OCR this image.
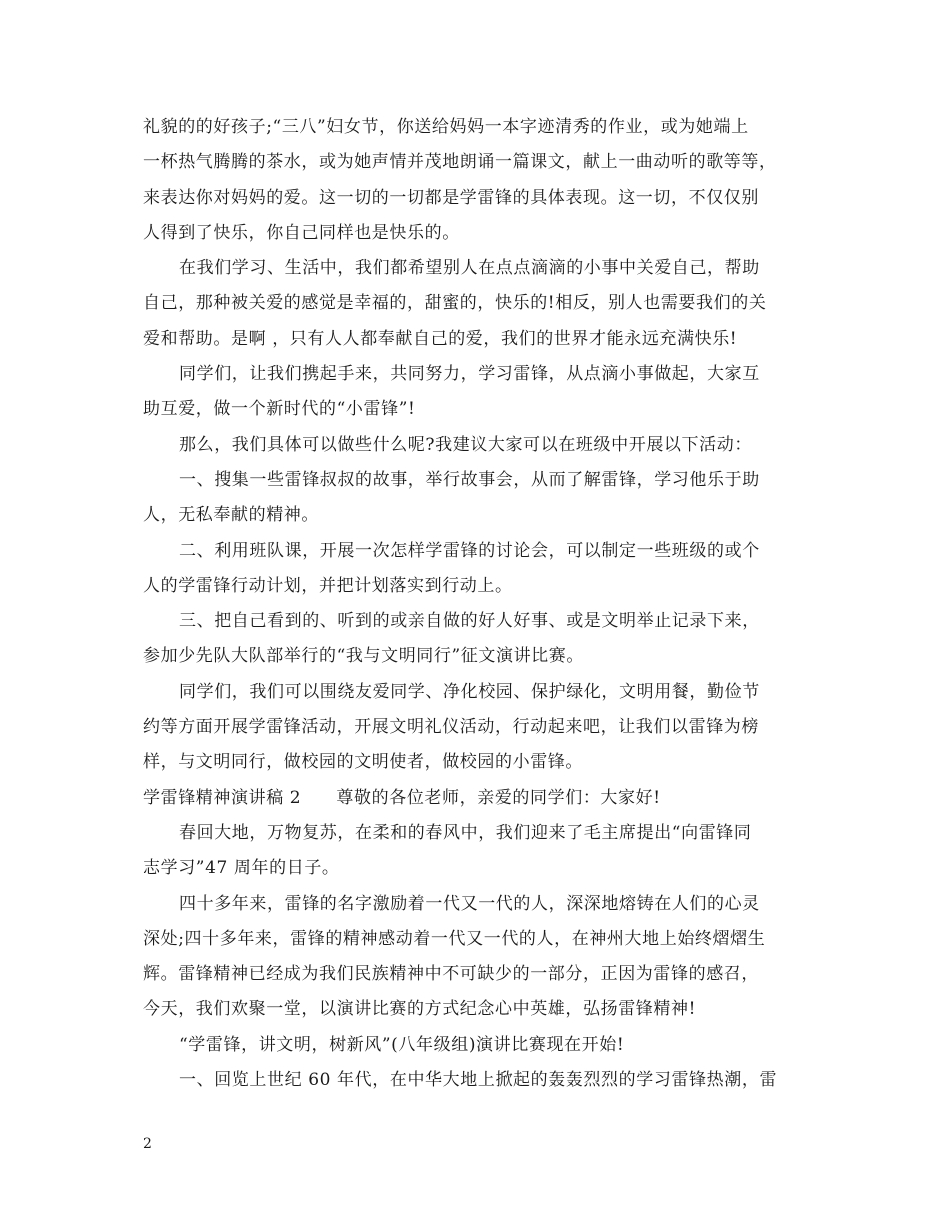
礼貌的的好孩子;“三八”妇女节，你送给妈妈一本字迹清秀的作业，或为她端上
一杯热气腾腾的茶水，或为她声情并茂地朗诵一篇课文，献上一曲动听的歌等等，
来表达你对妈妈的爱。这一切的一切都是学雷锋的具体表现。这一切，不仅仅别
人得到了快乐，你自己同样也是快乐的。
在我们学习、生活中，我们都希望别人在点点滴滴的小事中关爱自己，帮助
自己，那种被关爱的感觉是幸福的，甜蜜的，快乐的!相反，别人也需要我们的关
爱和帮助。是啊 ，只有人人都奉献自己的爱，我们的世界才能永远充满快乐!
同学们，让我们携起手来，共同努力，学习雷锋，从点滴小事做起，大家互
助互爱，做一个新时代的“小雷锋”!
那么，我们具体可以做些什么呢?我建议大家可以在班级中开展以下活动：
一、搜集一些雷锋叔叔的故事，举行故事会，从而了解雷锋，学习他乐于助
人，无私奉献的精神。
二、利用班队课，开展一次怎样学雷锋的讨论会，可以制定一些班级的或个
人的学雷锋行动计划，并把计划落实到行动上。
三、把自己看到的、听到的或亲自做的好人好事、或是文明举止记录下来，
参加少先队大队部举行的“我与文明同行”征文演讲比赛。
同学们，我们可以围绕友爱同学、净化校园、保护绿化，文明用餐，勤俭节
约等方面开展学雷锋活动，开展文明礼仪活动，行动起来吧，让我们以雷锋为榜
样，与文明同行，做校园的文明使者，做校园的小雷锋。
学雷锋精神演讲稿 2　　尊敬的各位老师，亲爱的同学们：大家好!
春回大地，万物复苏，在柔和的春风中，我们迎来了毛主席提出“向雷锋同
志学习”47 周年的日子。
四十多年来，雷锋的名字激励着一代又一代的人，深深地熔铸在人们的心灵
深处;四十多年来，雷锋的精神感动着一代又一代的人，在神州大地上始终熠熠生
辉。雷锋精神已经成为我们民族精神中不可缺少的一部分，正因为雷锋的感召，
今天，我们欢聚一堂，以演讲比赛的方式纪念心中英雄，弘扬雷锋精神!
“学雷锋，讲文明，树新风”(八年级组)演讲比赛现在开始!
一、回览上世纪 60 年代，在中华大地上掀起的轰轰烈烈的学习雷锋热潮，雷
2
